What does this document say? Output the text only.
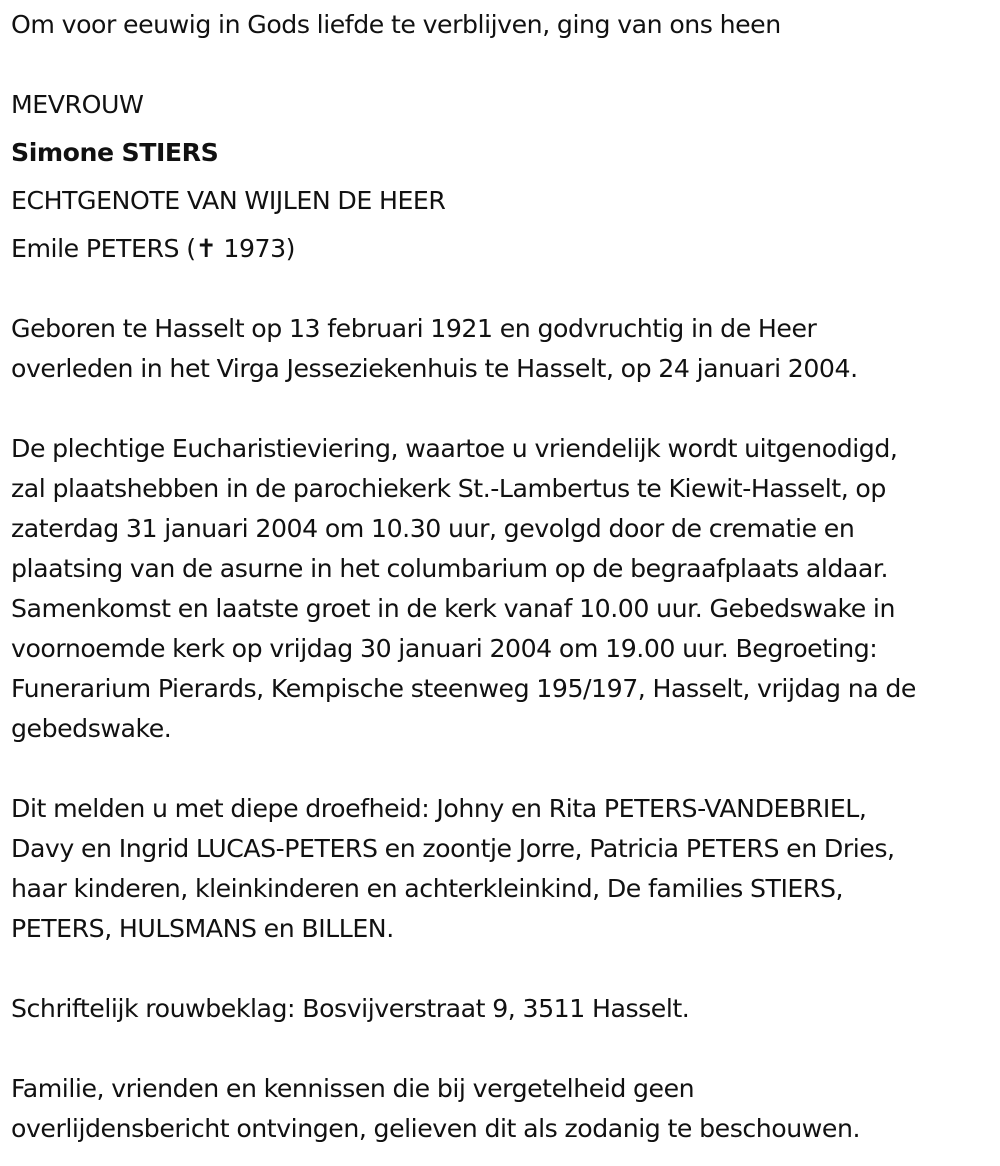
Om voor eeuwig in Gods liefde te verblijven, ging van ons heen
MEVROUW
Simone STIERS
ECHTGENOTE VAN WIJLEN DE HEER
Emile PETERS (✝ 1973)
Geboren te Hasselt op 13 februari 1921 en godvruchtig in de Heer
overleden in het Virga Jesseziekenhuis te Hasselt, op 24 januari 2004.
De plechtige Eucharistieviering, waartoe u vriendelijk wordt uitgenodigd,
zal plaatshebben in de parochiekerk St.-Lambertus te Kiewit-Hasselt, op
zaterdag 31 januari 2004 om 10.30 uur, gevolgd door de crematie en
plaatsing van de asurne in het columbarium op de begraafplaats aldaar.
Samenkomst en laatste groet in de kerk vanaf 10.00 uur. Gebedswake in
voornoemde kerk op vrijdag 30 januari 2004 om 19.00 uur. Begroeting:
Funerarium Pierards, Kempische steenweg 195/197, Hasselt, vrijdag na de
gebedswake.
Dit melden u met diepe droefheid: Johny en Rita PETERS-VANDEBRIEL,
Davy en Ingrid LUCAS-PETERS en zoontje Jorre, Patricia PETERS en Dries,
haar kinderen, kleinkinderen en achterkleinkind, De families STIERS,
PETERS, HULSMANS en BILLEN.
Schriftelijk rouwbeklag: Bosvijverstraat 9, 3511 Hasselt.
Familie, vrienden en kennissen die bij vergetelheid geen
overlijdensbericht ontvingen, gelieven dit als zodanig te beschouwen.
